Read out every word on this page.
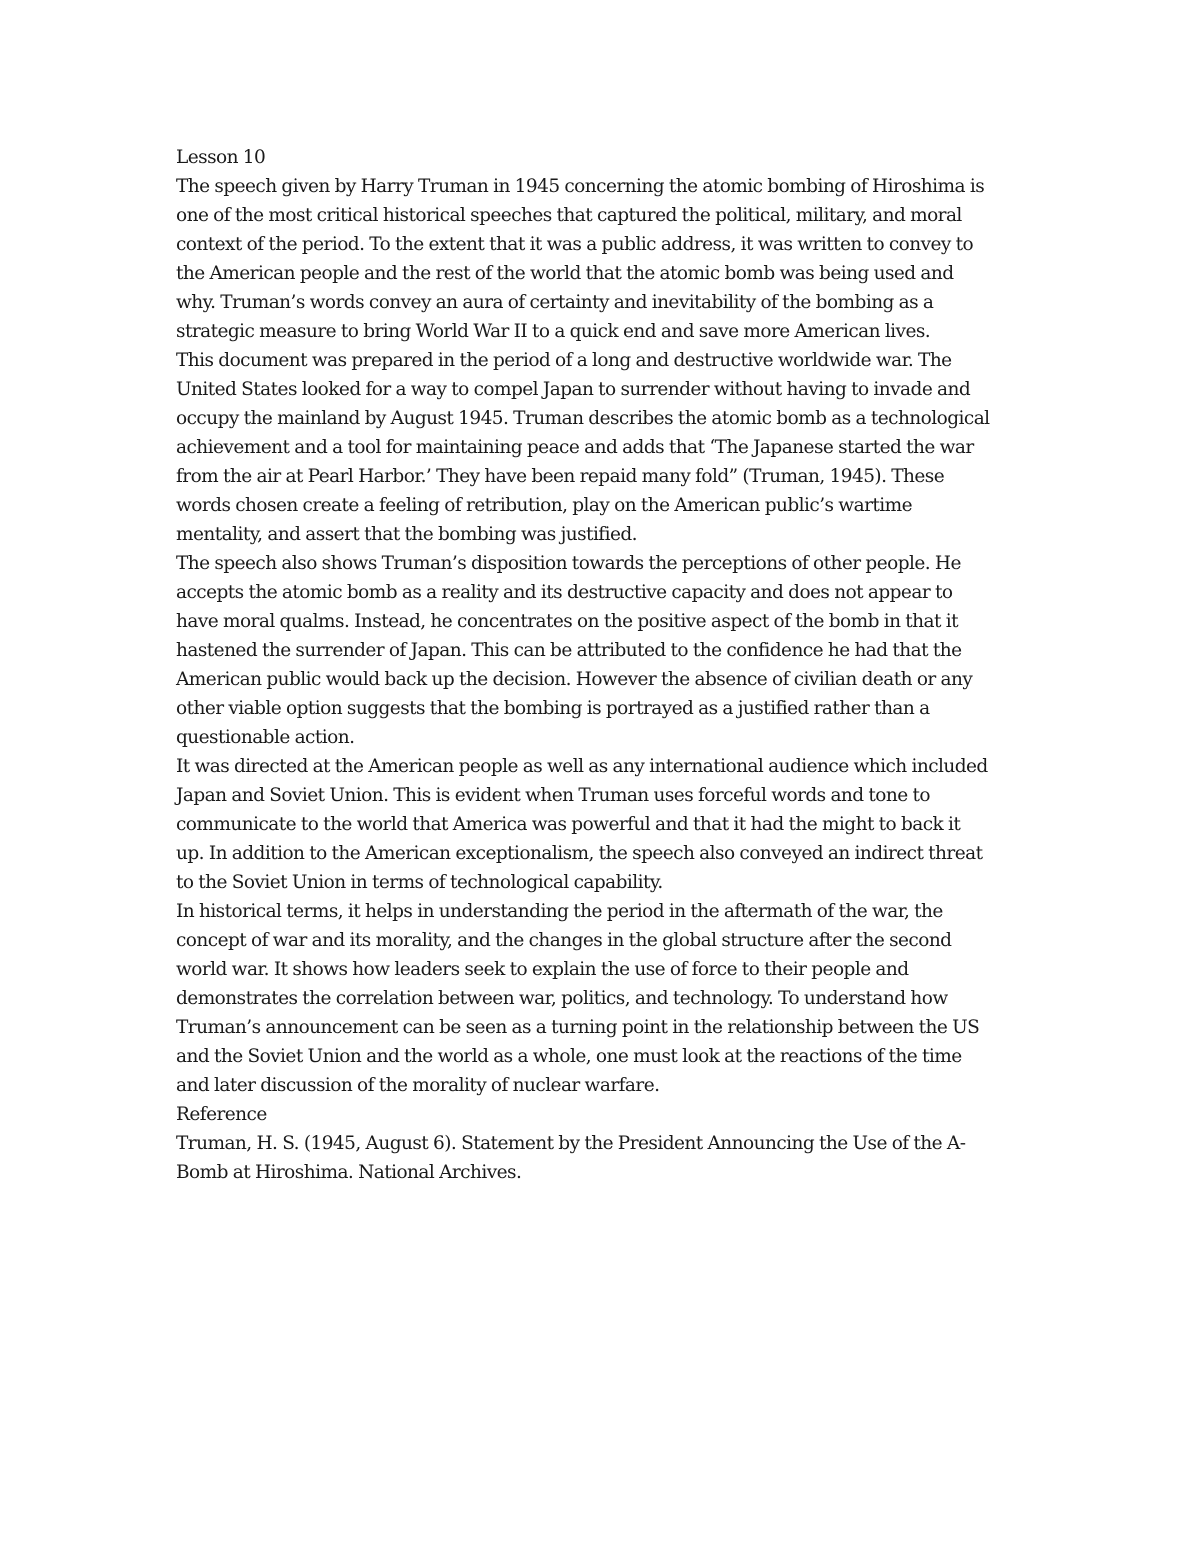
Lesson 10
The speech given by Harry Truman in 1945 concerning the atomic bombing of Hiroshima is
one of the most critical historical speeches that captured the political, military, and moral
context of the period. To the extent that it was a public address, it was written to convey to
the American people and the rest of the world that the atomic bomb was being used and
why. Truman’s words convey an aura of certainty and inevitability of the bombing as a
strategic measure to bring World War II to a quick end and save more American lives.
This document was prepared in the period of a long and destructive worldwide war. The
United States looked for a way to compel Japan to surrender without having to invade and
occupy the mainland by August 1945. Truman describes the atomic bomb as a technological
achievement and a tool for maintaining peace and adds that ‘The Japanese started the war
from the air at Pearl Harbor.’ They have been repaid many fold” (Truman, 1945). These
words chosen create a feeling of retribution, play on the American public’s wartime
mentality, and assert that the bombing was justified.
The speech also shows Truman’s disposition towards the perceptions of other people. He
accepts the atomic bomb as a reality and its destructive capacity and does not appear to
have moral qualms. Instead, he concentrates on the positive aspect of the bomb in that it
hastened the surrender of Japan. This can be attributed to the confidence he had that the
American public would back up the decision. However the absence of civilian death or any
other viable option suggests that the bombing is portrayed as a justified rather than a
questionable action.
It was directed at the American people as well as any international audience which included
Japan and Soviet Union. This is evident when Truman uses forceful words and tone to
communicate to the world that America was powerful and that it had the might to back it
up. In addition to the American exceptionalism, the speech also conveyed an indirect threat
to the Soviet Union in terms of technological capability.
In historical terms, it helps in understanding the period in the aftermath of the war, the
concept of war and its morality, and the changes in the global structure after the second
world war. It shows how leaders seek to explain the use of force to their people and
demonstrates the correlation between war, politics, and technology. To understand how
Truman’s announcement can be seen as a turning point in the relationship between the US
and the Soviet Union and the world as a whole, one must look at the reactions of the time
and later discussion of the morality of nuclear warfare.
Reference
Truman, H. S. (1945, August 6). Statement by the President Announcing the Use of the A-
Bomb at Hiroshima. National Archives.
